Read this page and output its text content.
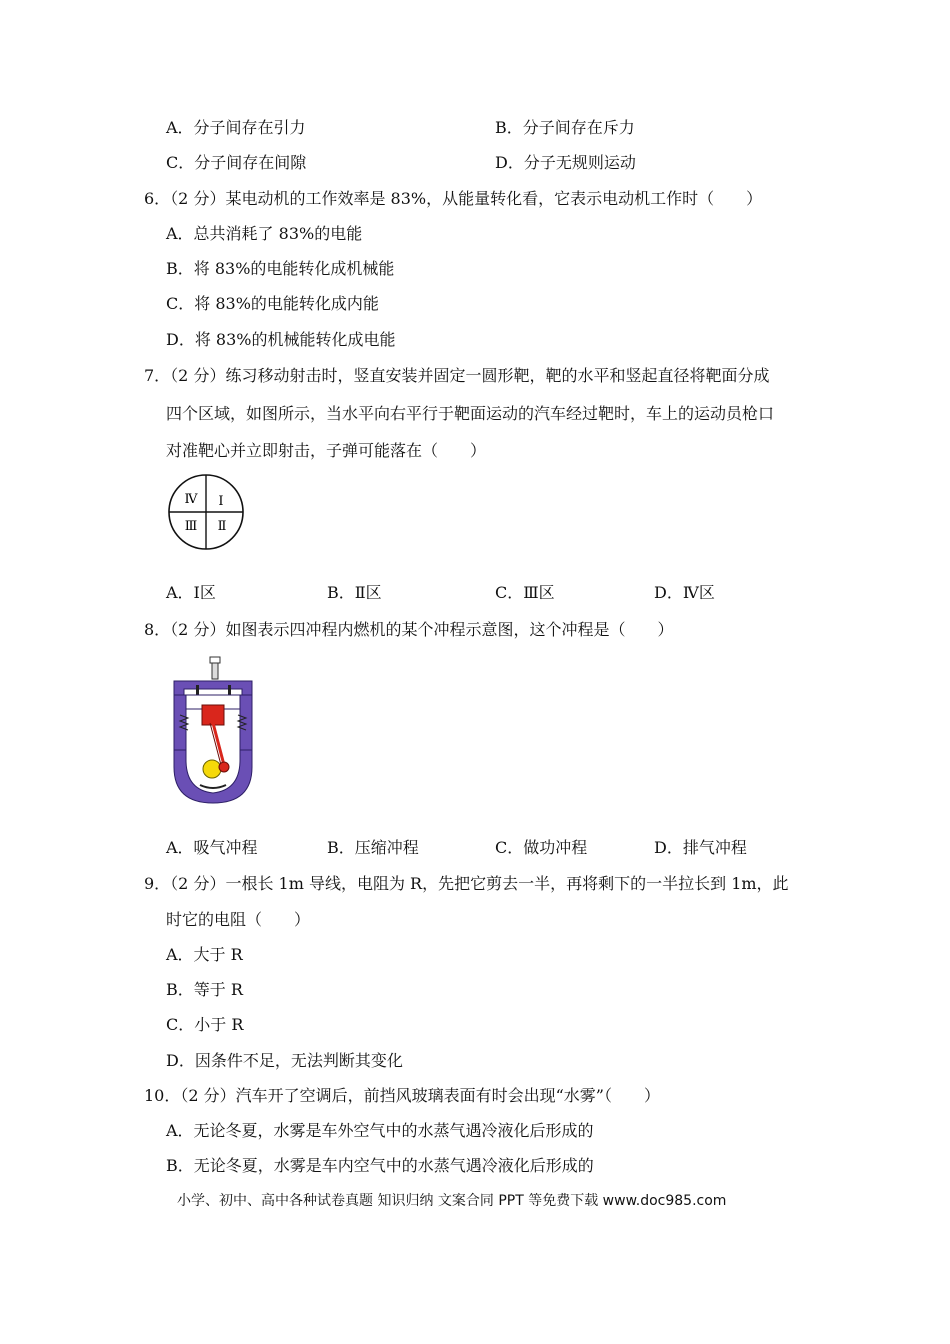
A．分子间存在引力	B．分子间存在斥力
C．分子间存在间隙	D．分子无规则运动
6．（2 分）某电动机的工作效率是 83%，从能量转化看，它表示电动机工作时（　　）
A．总共消耗了 83%的电能
B．将 83%的电能转化成机械能
C．将 83%的电能转化成内能
D．将 83%的机械能转化成电能
7．（2 分）练习移动射击时，竖直安装并固定一圆形靶，靶的水平和竖起直径将靶面分成
四个区域，如图所示，当水平向右平行于靶面运动的汽车经过靶时，车上的运动员枪口
对准靶心并立即射击，子弹可能落在（　　）
Ⅳ Ⅰ
Ⅲ Ⅱ
A．Ⅰ区	B．Ⅱ区	C．Ⅲ区	D．Ⅳ区
8．（2 分）如图表示四冲程内燃机的某个冲程示意图，这个冲程是（　　）
A．吸气冲程	B．压缩冲程	C．做功冲程	D．排气冲程
9．（2 分）一根长 1m 导线，电阻为 R，先把它剪去一半，再将剩下的一半拉长到 1m，此
时它的电阻（　　）
A．大于 R
B．等于 R
C．小于 R
D．因条件不足，无法判断其变化
10．（2 分）汽车开了空调后，前挡风玻璃表面有时会出现“水雾”（　　）
A．无论冬夏，水雾是车外空气中的水蒸气遇冷液化后形成的
B．无论冬夏，水雾是车内空气中的水蒸气遇冷液化后形成的
小学、初中、高中各种试卷真题 知识归纳 文案合同 PPT 等免费下载 www.doc985.com
